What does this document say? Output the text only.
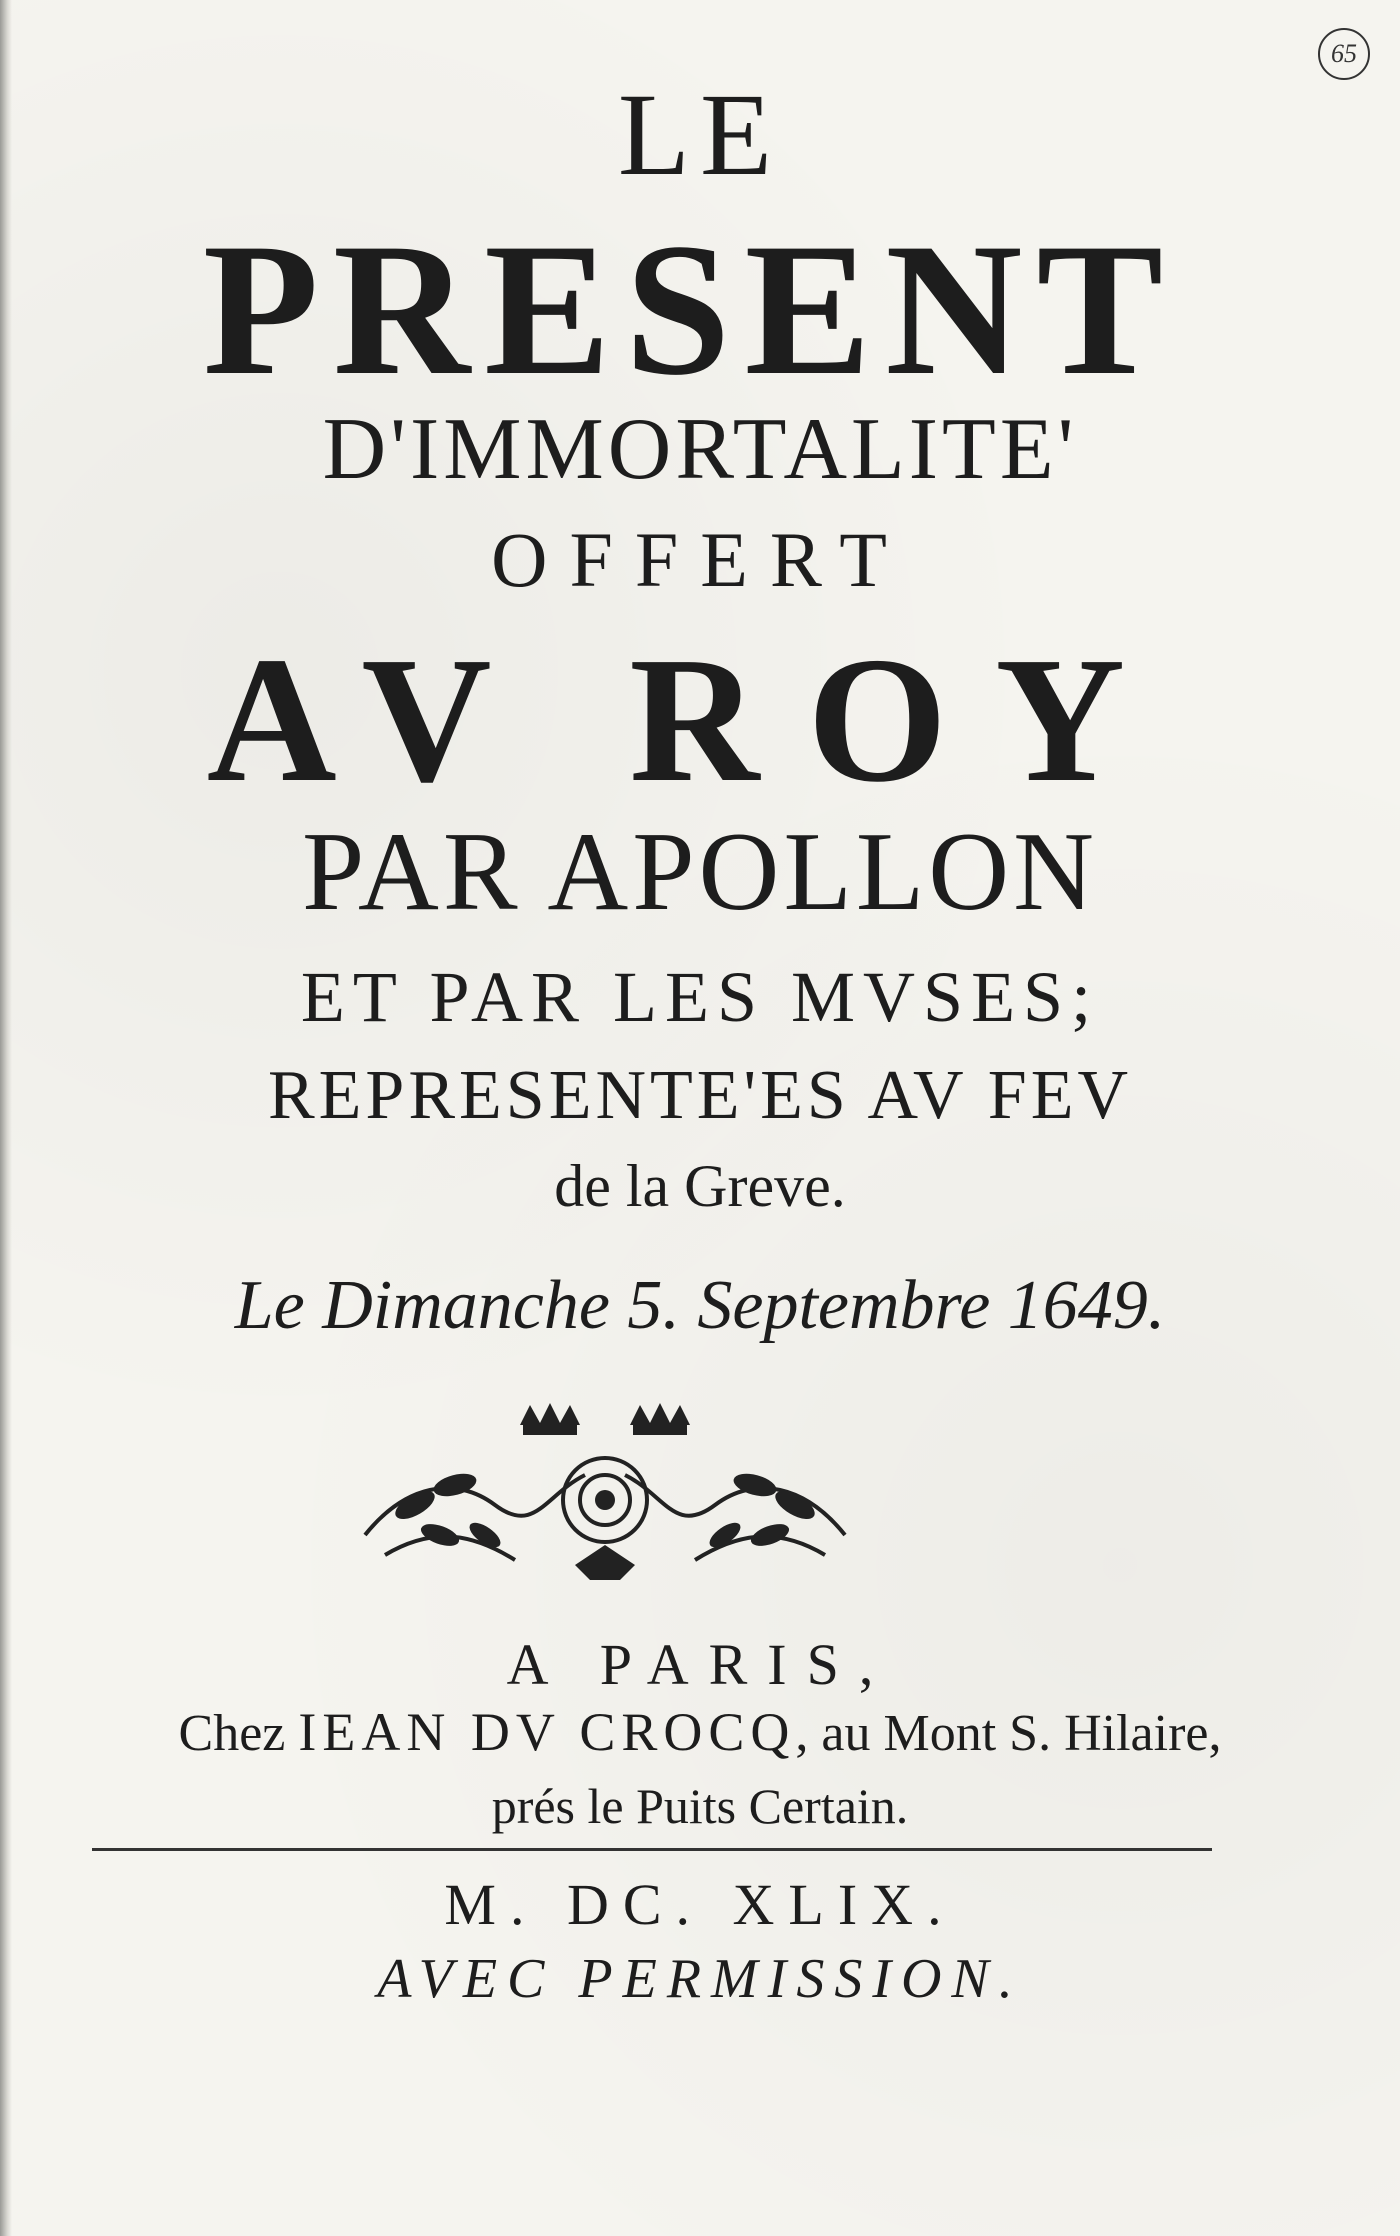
65

LE

PRESENT

D'IMMORTALITE'

OFFERT

AV ROY

PAR APOLLON

ET PAR LES MVSES;

REPRESENTE'ES AV FEV

de la Greve.

Le Dimanche 5. Septembre 1649.

A PARIS,

Chez IEAN DV CROCQ, au Mont S. Hilaire,

prés le Puits Certain.

M. DC. XLIX.

AVEC PERMISSION.
